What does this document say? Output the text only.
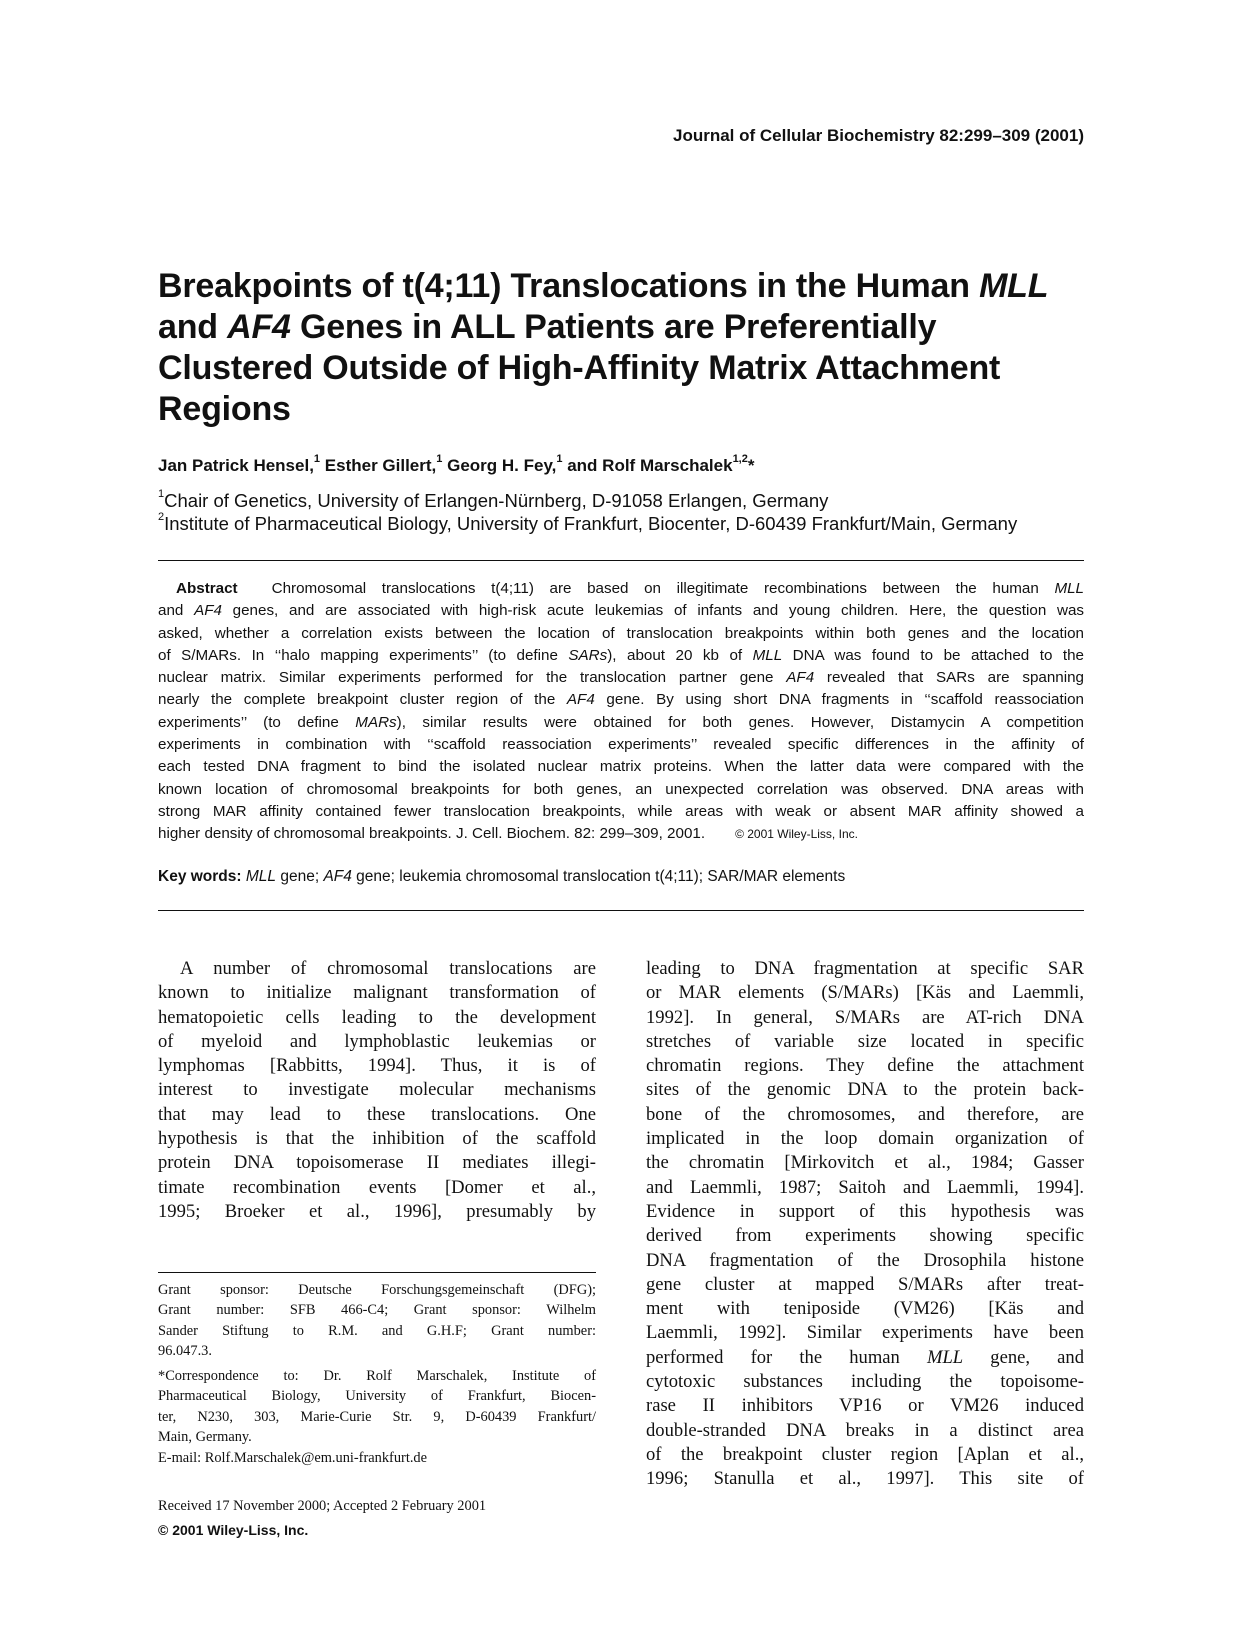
Journal of Cellular Biochemistry 82:299–309 (2001)
Breakpoints of t(4;11) Translocations in the Human MLL
and AF4 Genes in ALL Patients are Preferentially
Clustered Outside of High-Affinity Matrix Attachment
Regions
Jan Patrick Hensel,$^1$ Esther Gillert,$^1$ Georg H. Fey,$^1$ and Rolf Marschalek$^{1,2}$*
$^1$Chair of Genetics, University of Erlangen-Nürnberg, D-91058 Erlangen, Germany
$^2$Institute of Pharmaceutical Biology, University of Frankfurt, Biocenter, D-60439 Frankfurt/Main, Germany
Abstract Chromosomal translocations t(4;11) are based on illegitimate recombinations between the human MLL
and AF4 genes, and are associated with high-risk acute leukemias of infants and young children. Here, the question was
asked, whether a correlation exists between the location of translocation breakpoints within both genes and the location
of S/MARs. In ‘‘halo mapping experiments’’ (to define SARs), about 20 kb of MLL DNA was found to be attached to the
nuclear matrix. Similar experiments performed for the translocation partner gene AF4 revealed that SARs are spanning
nearly the complete breakpoint cluster region of the AF4 gene. By using short DNA fragments in ‘‘scaffold reassociation
experiments’’ (to define MARs), similar results were obtained for both genes. However, Distamycin A competition
experiments in combination with ‘‘scaffold reassociation experiments’’ revealed specific differences in the affinity of
each tested DNA fragment to bind the isolated nuclear matrix proteins. When the latter data were compared with the
known location of chromosomal breakpoints for both genes, an unexpected correlation was observed. DNA areas with
strong MAR affinity contained fewer translocation breakpoints, while areas with weak or absent MAR affinity showed a
higher density of chromosomal breakpoints. J. Cell. Biochem. 82: 299–309, 2001.	© 2001 Wiley-Liss, Inc.
Key words: MLL gene; AF4 gene; leukemia chromosomal translocation t(4;11); SAR/MAR elements
A number of chromosomal translocations are
known to initialize malignant transformation of
hematopoietic cells leading to the development
of myeloid and lymphoblastic leukemias or
lymphomas [Rabbitts, 1994]. Thus, it is of
interest to investigate molecular mechanisms
that may lead to these translocations. One
hypothesis is that the inhibition of the scaffold
protein DNA topoisomerase II mediates illegi-
timate recombination events [Domer et al.,
1995; Broeker et al., 1996], presumably by
Grant sponsor: Deutsche Forschungsgemeinschaft (DFG);
Grant number: SFB 466-C4; Grant sponsor: Wilhelm
Sander Stiftung to R.M. and G.H.F; Grant number:
96.047.3.
*Correspondence to: Dr. Rolf Marschalek, Institute of
Pharmaceutical Biology, University of Frankfurt, Biocen-
ter, N230, 303, Marie-Curie Str. 9, D-60439 Frankfurt/
Main, Germany.
E-mail: Rolf.Marschalek@em.uni-frankfurt.de
Received 17 November 2000; Accepted 2 February 2001
© 2001 Wiley-Liss, Inc.
leading to DNA fragmentation at specific SAR
or MAR elements (S/MARs) [Käs and Laemmli,
1992]. In general, S/MARs are AT-rich DNA
stretches of variable size located in specific
chromatin regions. They define the attachment
sites of the genomic DNA to the protein back-
bone of the chromosomes, and therefore, are
implicated in the loop domain organization of
the chromatin [Mirkovitch et al., 1984; Gasser
and Laemmli, 1987; Saitoh and Laemmli, 1994].
Evidence in support of this hypothesis was
derived from experiments showing specific
DNA fragmentation of the Drosophila histone
gene cluster at mapped S/MARs after treat-
ment with teniposide (VM26) [Käs and
Laemmli, 1992]. Similar experiments have been
performed for the human MLL gene, and
cytotoxic substances including the topoisome-
rase II inhibitors VP16 or VM26 induced
double-stranded DNA breaks in a distinct area
of the breakpoint cluster region [Aplan et al.,
1996; Stanulla et al., 1997]. This site of
